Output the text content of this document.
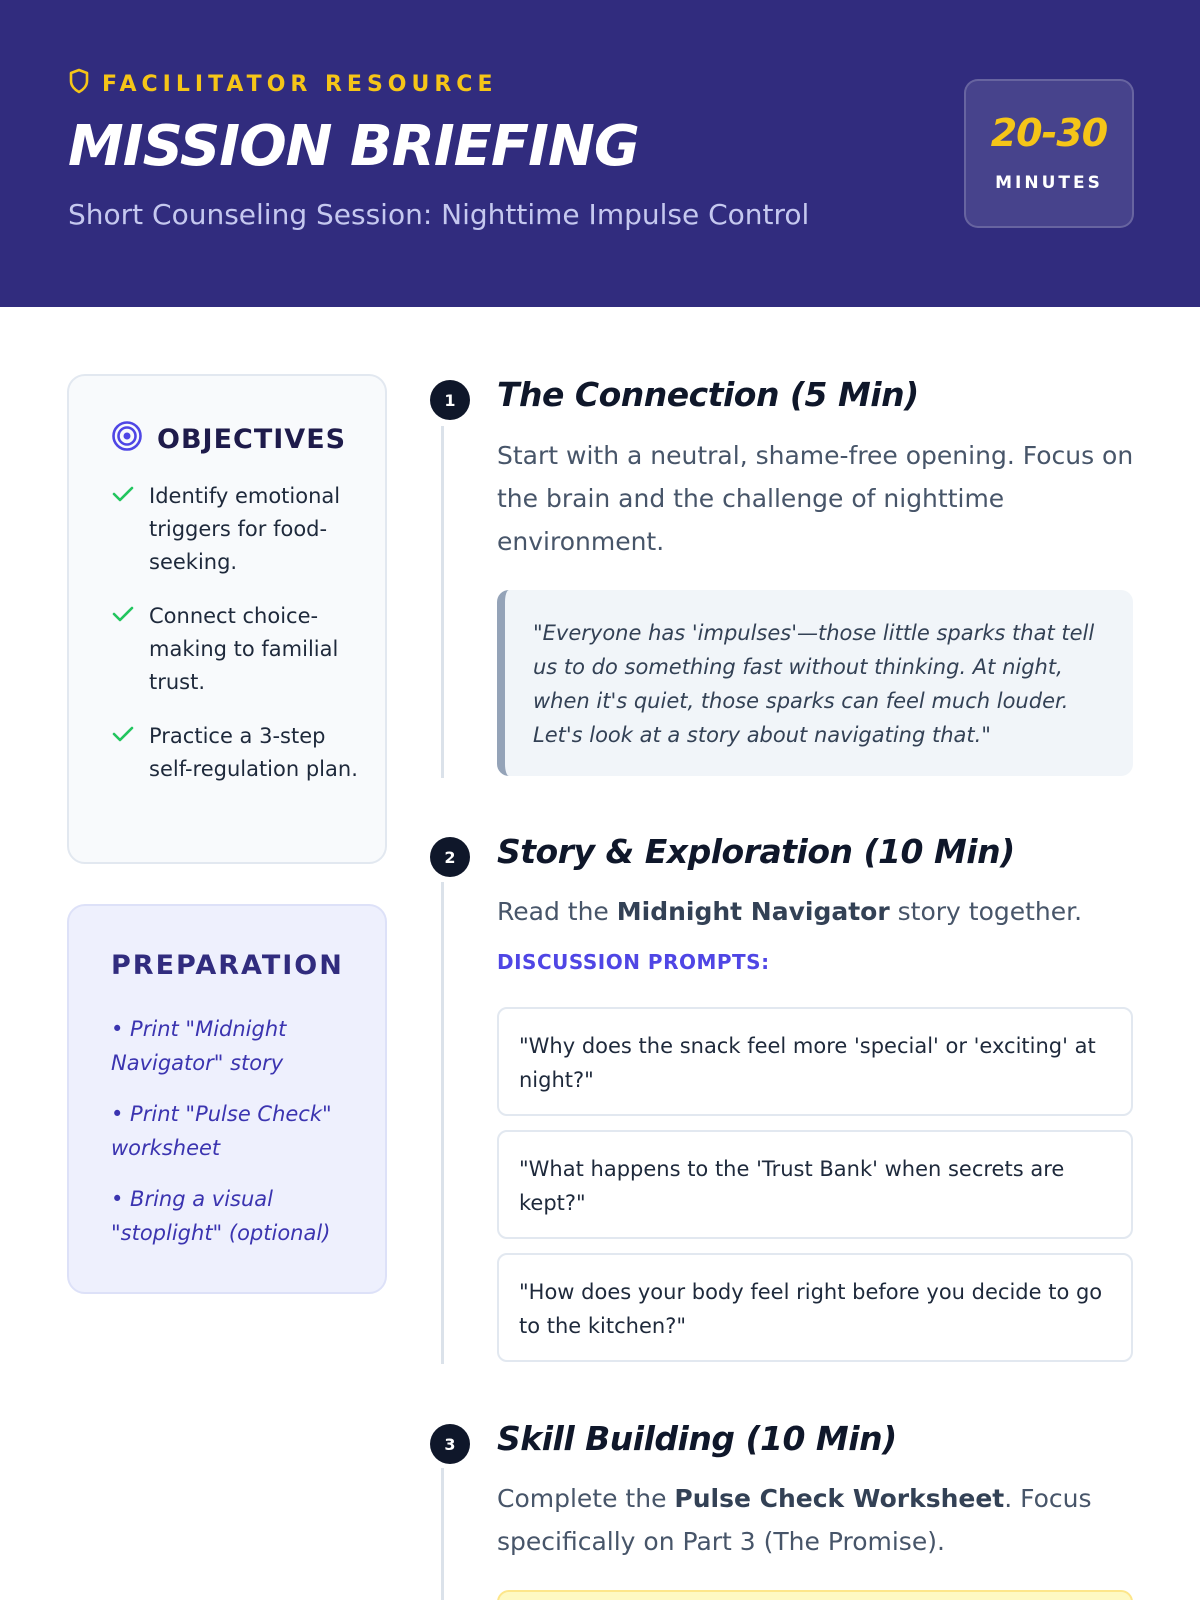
FACILITATOR RESOURCE
MISSION BRIEFING
Short Counseling Session: Nighttime Impulse Control
20-30
MINUTES
OBJECTIVES
Identify emotional triggers for food-seeking.
Connect choice-making to familial trust.
Practice a 3-step self-regulation plan.
PREPARATION
• Print "Midnight Navigator" story
• Print "Pulse Check" worksheet
• Bring a visual "stoplight" (optional)
1	The Connection (5 Min)
Start with a neutral, shame-free opening. Focus on the brain and the challenge of nighttime environment.
"Everyone has 'impulses'—those little sparks that tell us to do something fast without thinking. At night, when it's quiet, those sparks can feel much louder. Let's look at a story about navigating that."
2	Story & Exploration (10 Min)
Read the Midnight Navigator story together.
DISCUSSION PROMPTS:
"Why does the snack feel more 'special' or 'exciting' at night?"
"What happens to the 'Trust Bank' when secrets are kept?"
"How does your body feel right before you decide to go to the kitchen?"
3	Skill Building (10 Min)
Complete the Pulse Check Worksheet. Focus specifically on Part 3 (The Promise).
